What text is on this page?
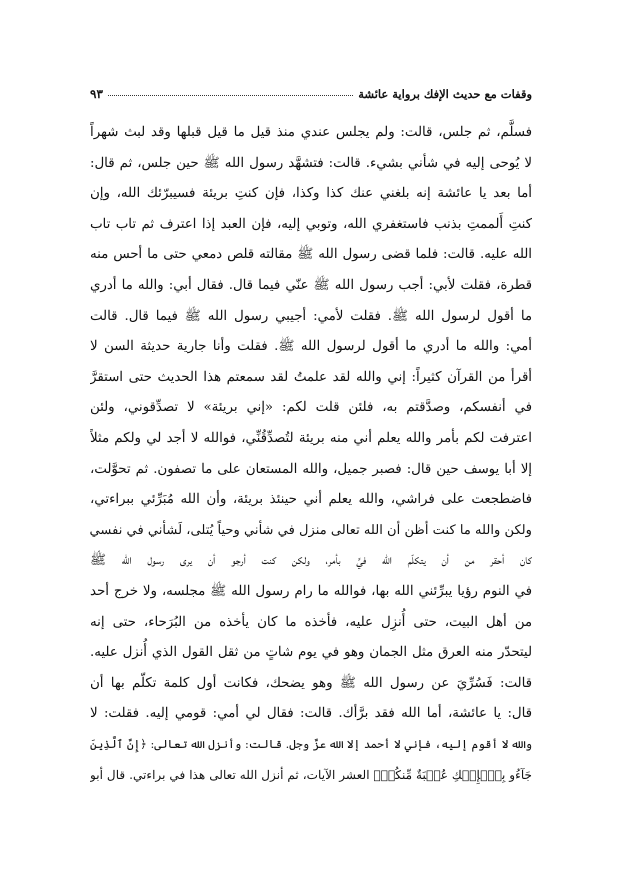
وقفات مع حديث الإفك برواية عائشة
٩٣
فسلَّم، ثم جلس، قالت: ولم يجلس عندي منذ قيل ما قيل قبلها وقد لبث شهراً
لا يُوحى إليه في شأني بشيء. قالت: فتشهَّد رسول الله ﷺ حين جلس، ثم قال:
أما بعد يا عائشة إنه بلغني عنك كذا وكذا، فإن كنتِ بريئة فسيبرّئك الله، وإن
كنتِ أَلممتِ بذنب فاستغفري الله، وتوبي إليه، فإن العبد إذا اعترف ثم تاب تاب
الله عليه. قالت: فلما قضى رسول الله ﷺ مقالته قلص دمعي حتى ما أحس منه
قطرة، فقلت لأبي: أجب رسول الله ﷺ عنّي فيما قال. فقال أبي: والله ما أدري
ما أقول لرسول الله ﷺ. فقلت لأمي: أجيبي رسول الله ﷺ فيما قال. قالت
أمي: والله ما أدري ما أقول لرسول الله ﷺ. فقلت وأنا جارية حديثة السن لا
أقرأ من القرآن كثيراً: إني والله لقد علمتُ لقد سمعتم هذا الحديث حتى استقرَّ
في أنفسكم، وصدَّقتم به، فلئن قلت لكم: «إني بريئة» لا تصدِّقوني، ولئن
اعترفت لكم بأمر والله يعلم أني منه بريئة لتُصدِّقُنِّي، فوالله لا أجد لي ولكم مثلاً
إلا أبا يوسف حين قال: فصبر جميل، والله المستعان على ما تصفون. ثم تحوَّلت،
فاضطجعت على فراشي، والله يعلم أني حينئذ بريئة، وأن الله مُبَرِّئي ببراءتي،
ولكن والله ما كنت أظن أن الله تعالى منزل في شأني وحياً يُتلى، لَشأني في نفسي
كان أحقر من أن يتكلّم الله فيَّ بأمر، ولكن كنت أرجو أن يرى رسول الله ﷺ
في النوم رؤيا يبرِّئني الله بها، فوالله ما رام رسول الله ﷺ مجلسه، ولا خرج أحد
من أهل البيت، حتى أُنزِل عليه، فأخذه ما كان يأخذه من البُرَحاء، حتى إنه
ليتحدّر منه العرق مثل الجمان وهو في يوم شاتٍ من ثقل القول الذي أُنزل عليه.
قالت: فَسُرِّيَ عن رسول الله ﷺ وهو يضحك، فكانت أول كلمة تكلّم بها أن
قال: يا عائشة، أما الله فقد برَّأك. قالت: فقال لي أمي: قومي إليه. فقلت: لا
والله لا أقوم إليه، فإني لا أحمد إلا الله عزَّ وجل. قالت: وأنزل الله تعالى: ﴿إِنَّ ٱلَّذِينَ
جَآءُو بِٱلۡإِفۡكِ عُصۡبَةٌ مِّنكُمۡ﴾ العشر الآيات، ثم أنزل الله تعالى هذا في براءتي. قال أبو
